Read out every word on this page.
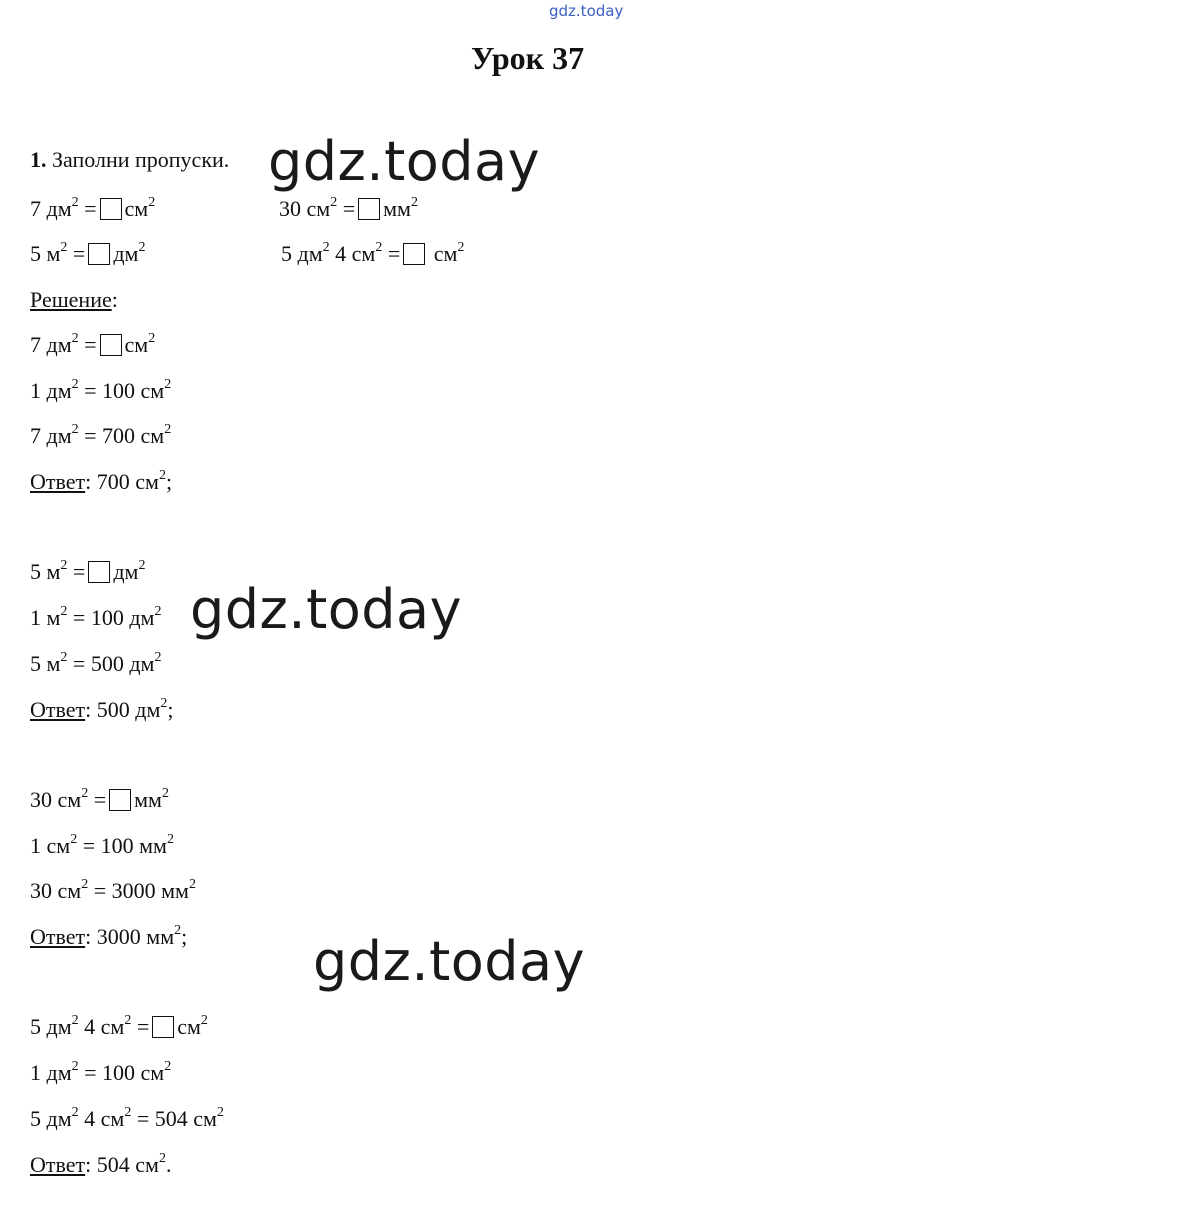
gdz.today
Урок 37
1. Заполни пропуски. gdz.today
7 $дм^2 = см^2$	30 $см^2 = мм^2$
5 $м^2 = дм^2$	5 $дм^2$ 4 $см^2 = см^2$
Решение:
7 $дм^2 = см^2$
1 $дм^2 = 100$ $см^2$
7 $дм^2 = 700$ $см^2$
Ответ: 700 $см^2$;
5 $м^2 = дм^2$
1 $м^2 = 100$ $дм^2$ gdz.today
5 $м^2 = 500$ $дм^2$
Ответ: 500 $дм^2$;
30 $см^2 = мм^2$
1 $см^2 = 100$ $мм^2$
30 $см^2 = 3000$ $мм^2$
Ответ: 3000 $мм^2$; gdz.today
5 $дм^2$ 4 $см^2 = см^2$
1 $дм^2 = 100$ $см^2$
5 $дм^2$ 4 $см^2 = 504$ $см^2$
Ответ: 504 $см^2$.
